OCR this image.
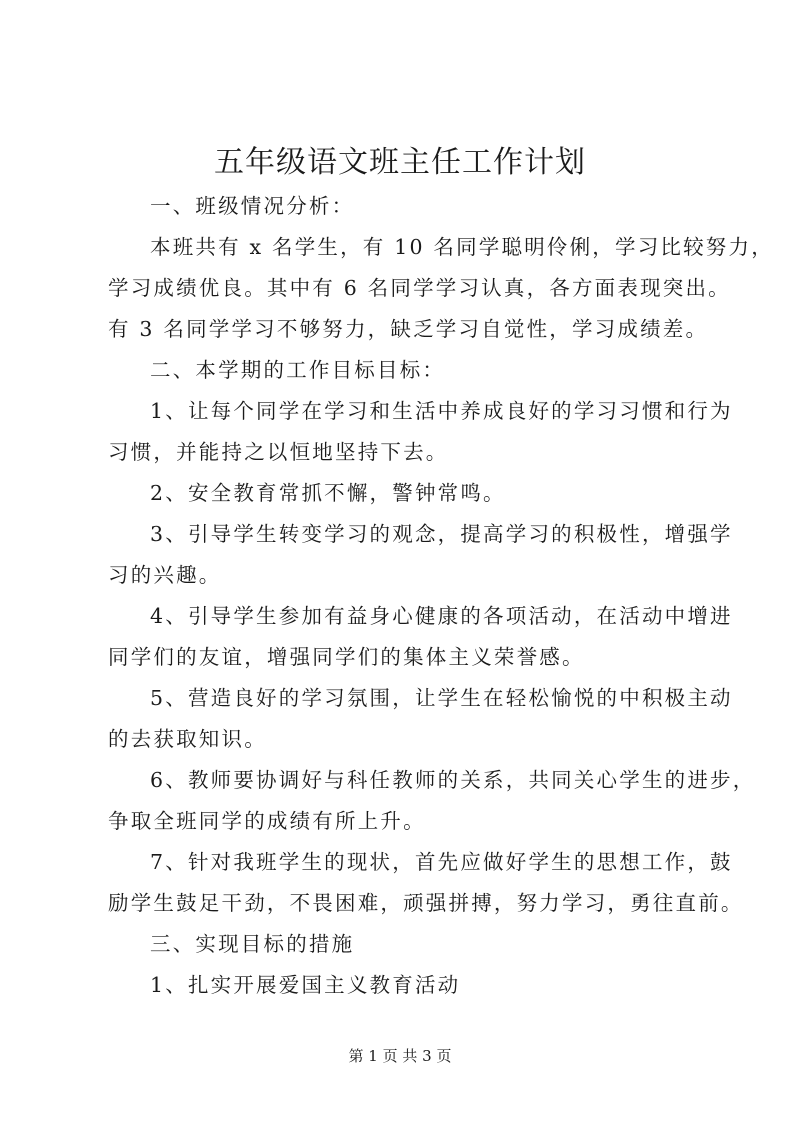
五年级语文班主任工作计划
一、班级情况分析：
本班共有 x 名学生，有 10 名同学聪明伶俐，学习比较努力，
学习成绩优良。其中有 6 名同学学习认真，各方面表现突出。
有 3 名同学学习不够努力，缺乏学习自觉性，学习成绩差。
二、本学期的工作目标目标：
1、让每个同学在学习和生活中养成良好的学习习惯和行为
习惯，并能持之以恒地坚持下去。
2、安全教育常抓不懈，警钟常鸣。
3、引导学生转变学习的观念，提高学习的积极性，增强学
习的兴趣。
4、引导学生参加有益身心健康的各项活动，在活动中增进
同学们的友谊，增强同学们的集体主义荣誉感。
5、营造良好的学习氛围，让学生在轻松愉悦的中积极主动
的去获取知识。
6、教师要协调好与科任教师的关系，共同关心学生的进步，
争取全班同学的成绩有所上升。
7、针对我班学生的现状，首先应做好学生的思想工作，鼓
励学生鼓足干劲，不畏困难，顽强拼搏，努力学习，勇往直前。
三、实现目标的措施
1、扎实开展爱国主义教育活动
第 1 页 共 3 页
